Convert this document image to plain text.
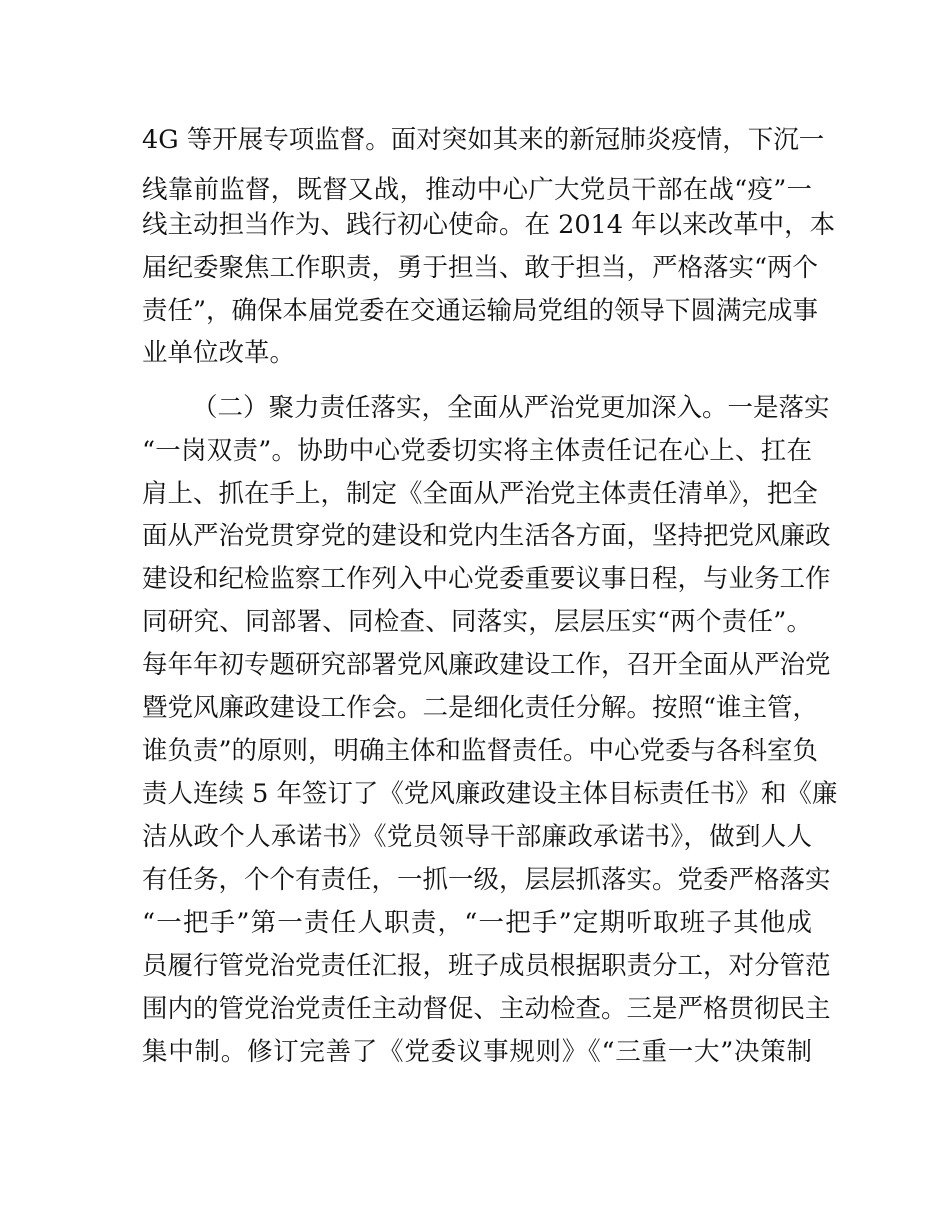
4G 等开展专项监督。面对突如其来的新冠肺炎疫情，下沉一
线靠前监督，既督又战，推动中心广大党员干部在战“疫”一
线主动担当作为、践行初心使命。在 2014 年以来改革中，本
届纪委聚焦工作职责，勇于担当、敢于担当，严格落实“两个
责任”，确保本届党委在交通运输局党组的领导下圆满完成事
业单位改革。
（二）聚力责任落实，全面从严治党更加深入。一是落实
“一岗双责”。协助中心党委切实将主体责任记在心上、扛在
肩上、抓在手上，制定《全面从严治党主体责任清单》，把全
面从严治党贯穿党的建设和党内生活各方面，坚持把党风廉政
建设和纪检监察工作列入中心党委重要议事日程，与业务工作
同研究、同部署、同检查、同落实，层层压实“两个责任”。
每年年初专题研究部署党风廉政建设工作，召开全面从严治党
暨党风廉政建设工作会。二是细化责任分解。按照“谁主管，
谁负责”的原则，明确主体和监督责任。中心党委与各科室负
责人连续 5 年签订了《党风廉政建设主体目标责任书》和《廉
洁从政个人承诺书》《党员领导干部廉政承诺书》，做到人人
有任务，个个有责任，一抓一级，层层抓落实。党委严格落实
“一把手”第一责任人职责，“一把手”定期听取班子其他成
员履行管党治党责任汇报，班子成员根据职责分工，对分管范
围内的管党治党责任主动督促、主动检查。三是严格贯彻民主
集中制。修订完善了《党委议事规则》《“三重一大”决策制
